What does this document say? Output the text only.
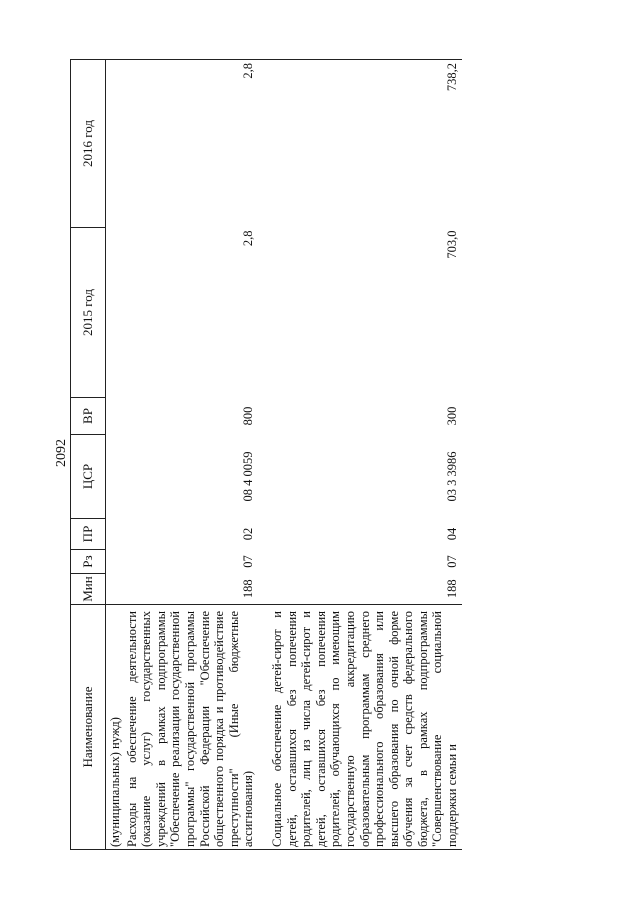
2092
Наименование	Мин	Рз	ПР	ЦСР	ВР	2015 год	2016 год
(муниципальных) нужд)							
Расходы на обеспечение деятельности (оказание услуг) государственных учреждений в рамках подпрограммы "Обеспечение реализации государственной программы" государственной программы Российской Федерации "Обеспечение общественного порядка и противодействие преступности" (Иные бюджетные ассигнования)	188	07	02	08 4 0059	800	2,8	2,8

Социальное обеспечение детей-сирот и детей, оставшихся без попечения родителей, лиц из числа детей-сирот и детей, оставшихся без попечения родителей, обучающихся по имеющим государственную аккредитацию образовательным программам среднего профессионального образования или высшего образования по очной форме обучения за счет средств федерального бюджета, в рамках подпрограммы "Совершенствование социальной поддержки семьи и	188	07	04	03 3 3986	300	703,0	738,2
